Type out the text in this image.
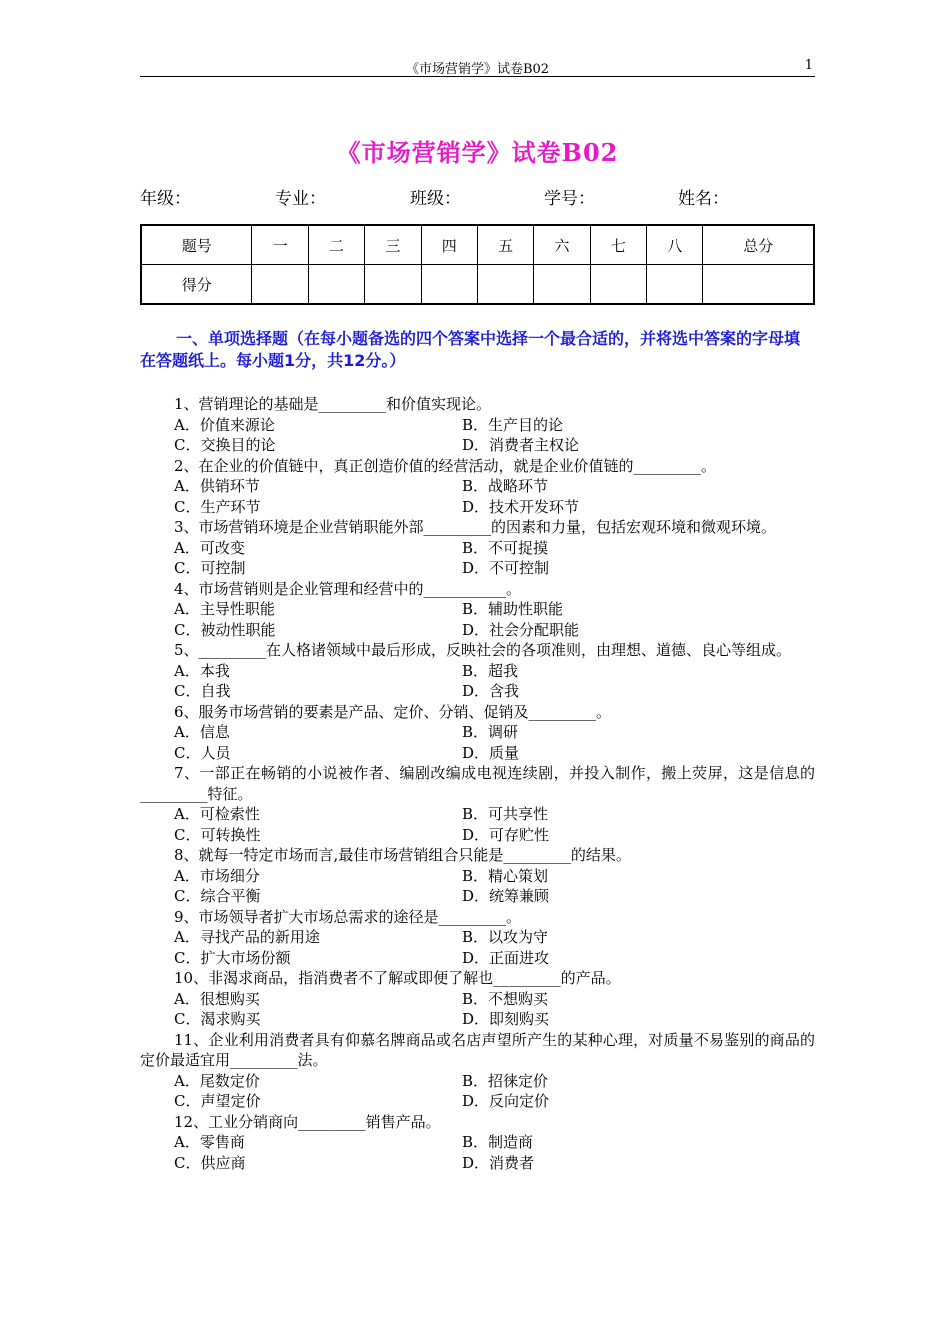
《市场营销学》试卷B02	1
《市场营销学》试卷B02
年级：	专业：	班级：	学号：	姓名：
题号	一	二	三	四	五	六	七	八	总分
得分									
一、单项选择题（在每小题备选的四个答案中选择一个最合适的，并将选中答案的字母填在答题纸上。每小题1分，共12分。）
1、营销理论的基础是_________和价值实现论。
A．价值来源论	B．生产目的论
C．交换目的论	D．消费者主权论
2、在企业的价值链中，真正创造价值的经营活动，就是企业价值链的_________。
A．供销环节	B．战略环节
C．生产环节	D．技术开发环节
3、市场营销环境是企业营销职能外部_________的因素和力量，包括宏观环境和微观环境。
A．可改变	B．不可捉摸
C．可控制	D．不可控制
4、市场营销则是企业管理和经营中的___________。
A．主导性职能	B．辅助性职能
C．被动性职能	D．社会分配职能
5、_________在人格诸领域中最后形成，反映社会的各项准则，由理想、道德、良心等组成。
A．本我	B．超我
C．自我	D．含我
6、服务市场营销的要素是产品、定价、分销、促销及_________。
A．信息	B．调研
C．人员	D．质量
7、一部正在畅销的小说被作者、编剧改编成电视连续剧，并投入制作，搬上荧屏，这是信息的_________特征。
A．可检索性	B．可共享性
C．可转换性	D．可存贮性
8、就每一特定市场而言,最佳市场营销组合只能是_________的结果。
A．市场细分	B．精心策划
C．综合平衡	D．统筹兼顾
9、市场领导者扩大市场总需求的途径是_________。
A．寻找产品的新用途	B．以攻为守
C．扩大市场份额	D．正面进攻
10、非渴求商品，指消费者不了解或即便了解也_________的产品。
A．很想购买	B．不想购买
C．渴求购买	D．即刻购买
11、企业利用消费者具有仰慕名牌商品或名店声望所产生的某种心理，对质量不易鉴别的商品的定价最适宜用_________法。
A．尾数定价	B．招徕定价
C．声望定价	D．反向定价
12、工业分销商向_________销售产品。
A．零售商	B．制造商
C．供应商	D．消费者
